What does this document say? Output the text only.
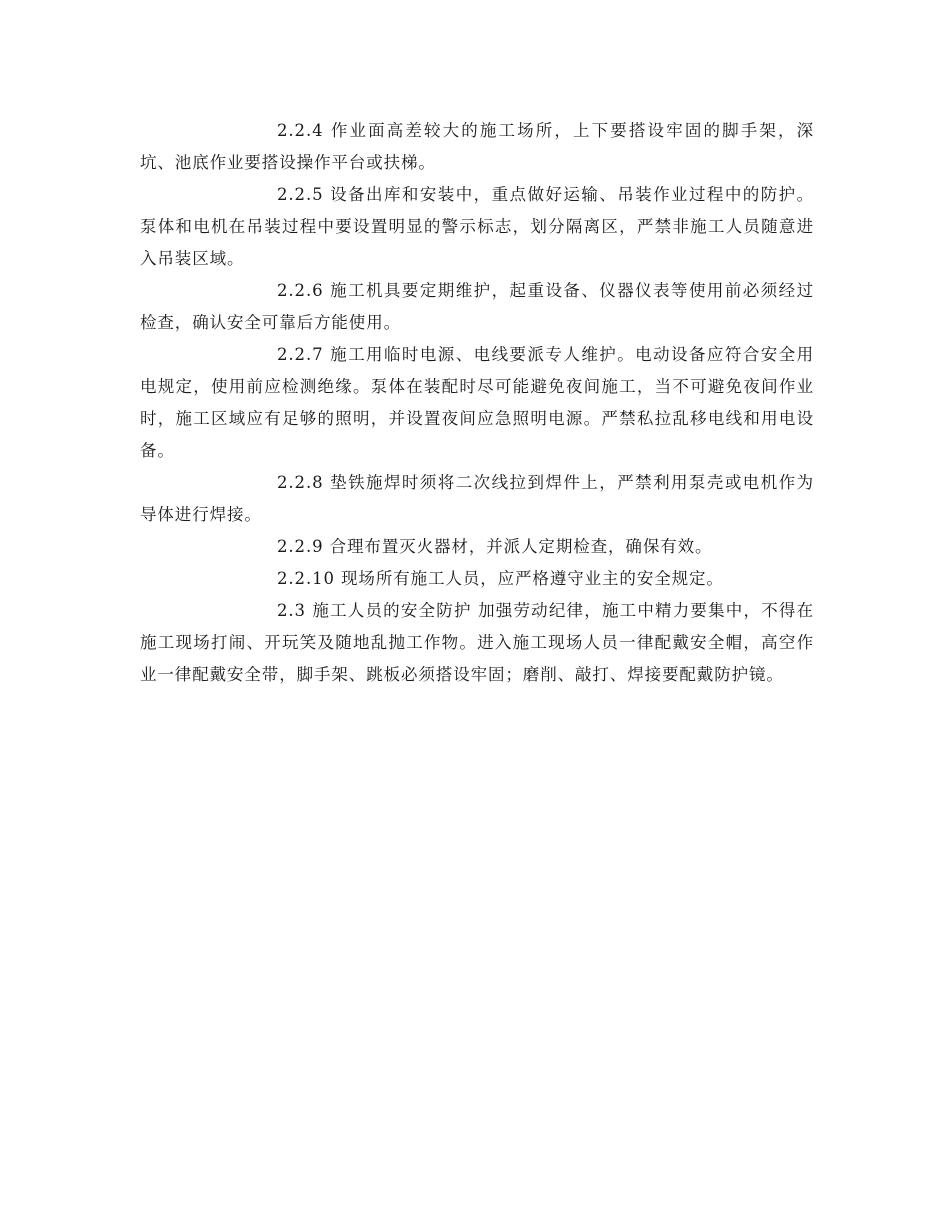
2.2.4 作业面高差较大的施工场所，上下要搭设牢固的脚手架，深坑、池底作业要搭设操作平台或扶梯。

2.2.5 设备出库和安装中，重点做好运输、吊装作业过程中的防护。泵体和电机在吊装过程中要设置明显的警示标志，划分隔离区，严禁非施工人员随意进入吊装区域。

2.2.6 施工机具要定期维护，起重设备、仪器仪表等使用前必须经过检查，确认安全可靠后方能使用。

2.2.7 施工用临时电源、电线要派专人维护。电动设备应符合安全用电规定，使用前应检测绝缘。泵体在装配时尽可能避免夜间施工，当不可避免夜间作业时，施工区域应有足够的照明，并设置夜间应急照明电源。严禁私拉乱移电线和用电设备。

2.2.8 垫铁施焊时须将二次线拉到焊件上，严禁利用泵壳或电机作为导体进行焊接。

2.2.9 合理布置灭火器材，并派人定期检查，确保有效。

2.2.10 现场所有施工人员，应严格遵守业主的安全规定。

2.3 施工人员的安全防护 加强劳动纪律，施工中精力要集中，不得在施工现场打闹、开玩笑及随地乱抛工作物。进入施工现场人员一律配戴安全帽，高空作业一律配戴安全带，脚手架、跳板必须搭设牢固；磨削、敲打、焊接要配戴防护镜。
